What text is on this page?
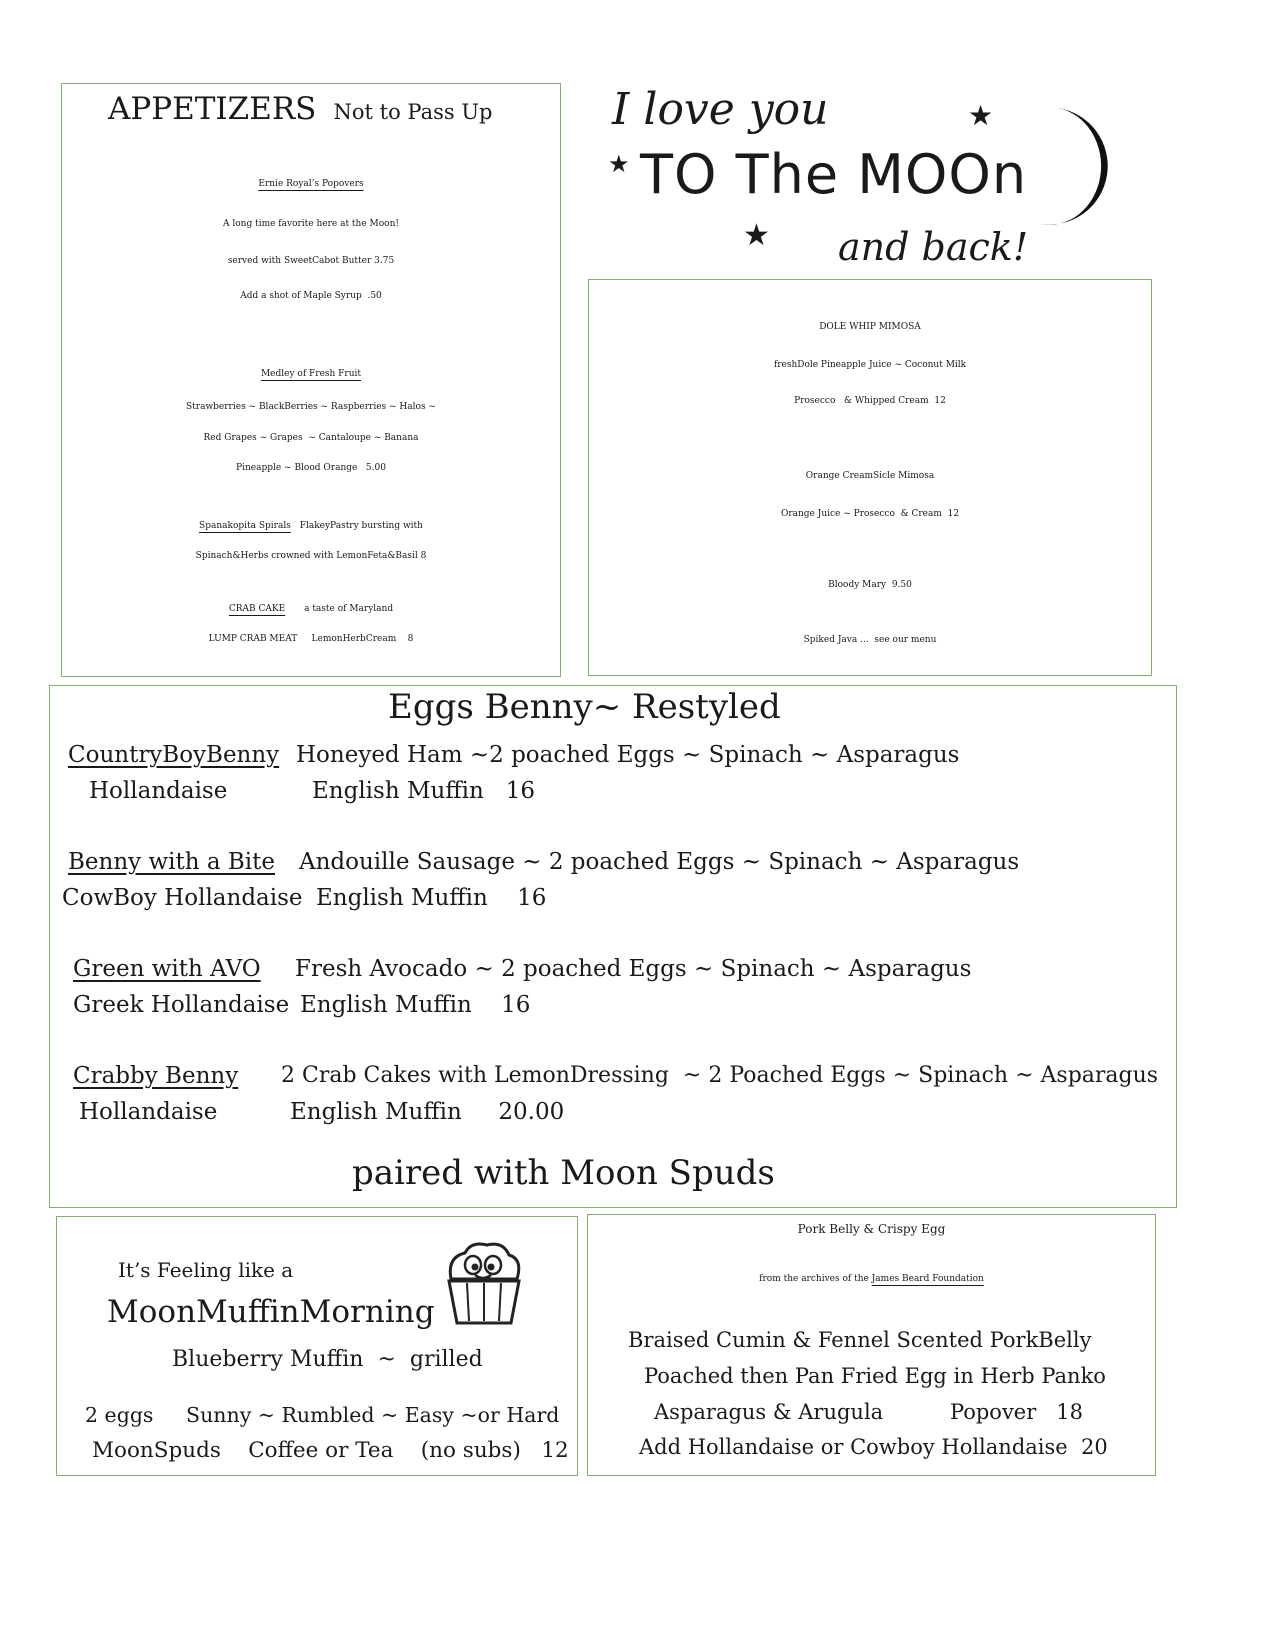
APPETIZERS Not to Pass Up
Ernie Royal’s Popovers
A long time favorite here at the Moon!
served with SweetCabot Butter 3.75
Add a shot of Maple Syrup  .50
Medley of Fresh Fruit
Strawberries ~ BlackBerries ~ Raspberries ~ Halos ~
Red Grapes ~ Grapes  ~ Cantaloupe ~ Banana
Pineapple ~ Blood Orange   5.00
Spanakopita Spirals FlakeyPastry bursting with
Spinach&Herbs crowned with LemonFeta&Basil 8
CRAB CAKE a taste of Maryland
LUMP CRAB MEAT     LemonHerbCream    8
I love you
TO The MOOn
and back!
★
★
★
DOLE WHIP MIMOSA
freshDole Pineapple Juice ~ Coconut Milk
Prosecco   & Whipped Cream  12
Orange CreamSicle Mimosa
Orange Juice ~ Prosecco  & Cream  12
Bloody Mary  9.50
Spiked Java ...  see our menu
Eggs Benny~ Restyled
CountryBoyBenny
Hollandaise
Honeyed Ham ~2 poached Eggs ~ Spinach ~ Asparagus
English Muffin   16
Benny with a Bite
CowBoy Hollandaise
Andouille Sausage ~ 2 poached Eggs ~ Spinach ~ Asparagus
English Muffin    16
Green with AVO
Greek Hollandaise
Fresh Avocado ~ 2 poached Eggs ~ Spinach ~ Asparagus
English Muffin    16
Crabby Benny
Hollandaise
2 Crab Cakes with LemonDressing  ~ 2 Poached Eggs ~ Spinach ~ Asparagus
English Muffin     20.00
paired with Moon Spuds
It’s Feeling like a
MoonMuffinMorning
Blueberry Muffin  ~  grilled
2 eggs     Sunny ~ Rumbled ~ Easy ~or Hard
MoonSpuds    Coffee or Tea    (no subs)   12
Pork Belly & Crispy Egg
from the archives of the James Beard Foundation
Braised Cumin & Fennel Scented PorkBelly
Poached then Pan Fried Egg in Herb Panko
Asparagus & Arugula          Popover   18
Add Hollandaise or Cowboy Hollandaise  20
